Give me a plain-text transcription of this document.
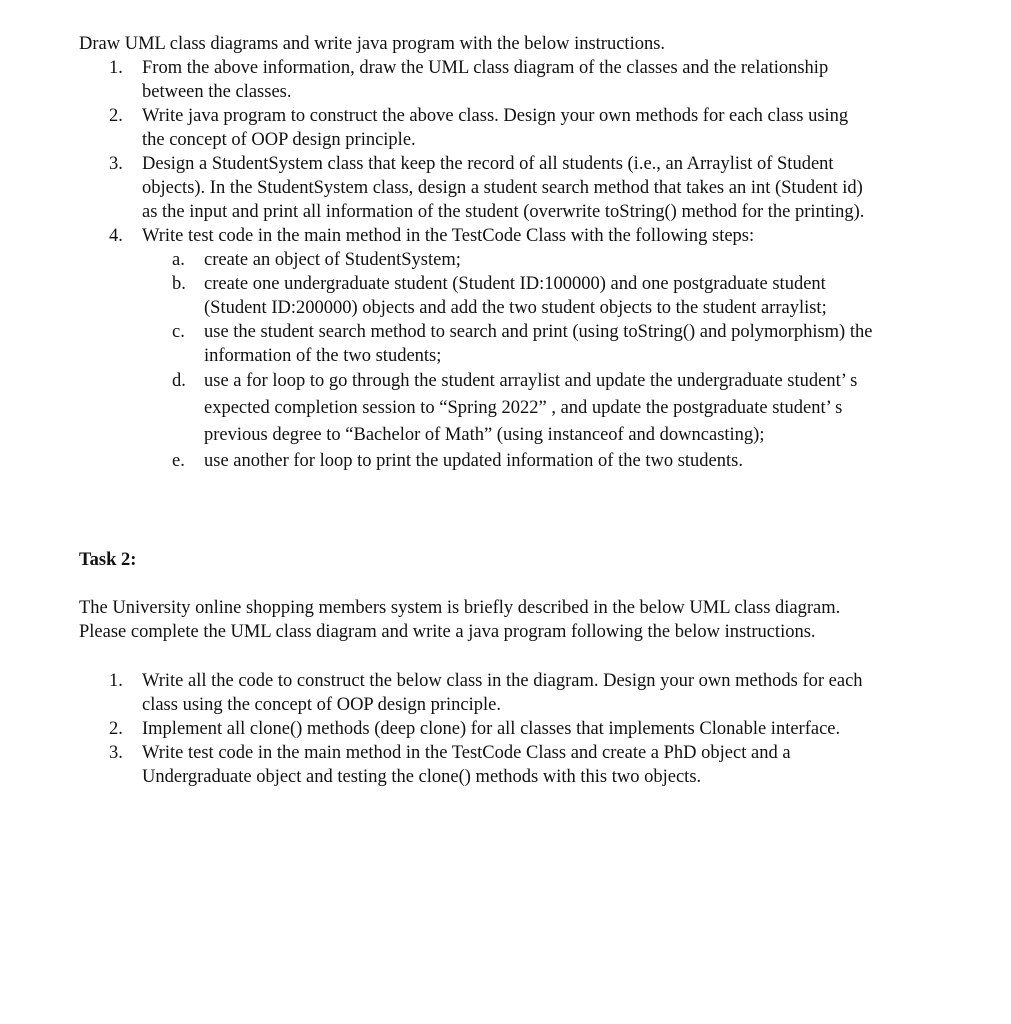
Draw UML class diagrams and write java program with the below instructions.
1. From the above information, draw the UML class diagram of the classes and the relationship
between the classes.
2. Write java program to construct the above class. Design your own methods for each class using
the concept of OOP design principle.
3. Design a StudentSystem class that keep the record of all students (i.e., an Arraylist of Student
objects). In the StudentSystem class, design a student search method that takes an int (Student id)
as the input and print all information of the student (overwrite toString() method for the printing).
4. Write test code in the main method in the TestCode Class with the following steps:
a. create an object of StudentSystem;
b. create one undergraduate student (Student ID:100000) and one postgraduate student
(Student ID:200000) objects and add the two student objects to the student arraylist;
c. use the student search method to search and print (using toString() and polymorphism) the
information of the two students;
d. use a for loop to go through the student arraylist and update the undergraduate student’ s
expected completion session to “Spring 2022” , and update the postgraduate student’ s
previous degree to “Bachelor of Math” (using instanceof and downcasting);
e. use another for loop to print the updated information of the two students.
Task 2:
The University online shopping members system is briefly described in the below UML class diagram.
Please complete the UML class diagram and write a java program following the below instructions.
1. Write all the code to construct the below class in the diagram. Design your own methods for each
class using the concept of OOP design principle.
2. Implement all clone() methods (deep clone) for all classes that implements Clonable interface.
3. Write test code in the main method in the TestCode Class and create a PhD object and a
Undergraduate object and testing the clone() methods with this two objects.
